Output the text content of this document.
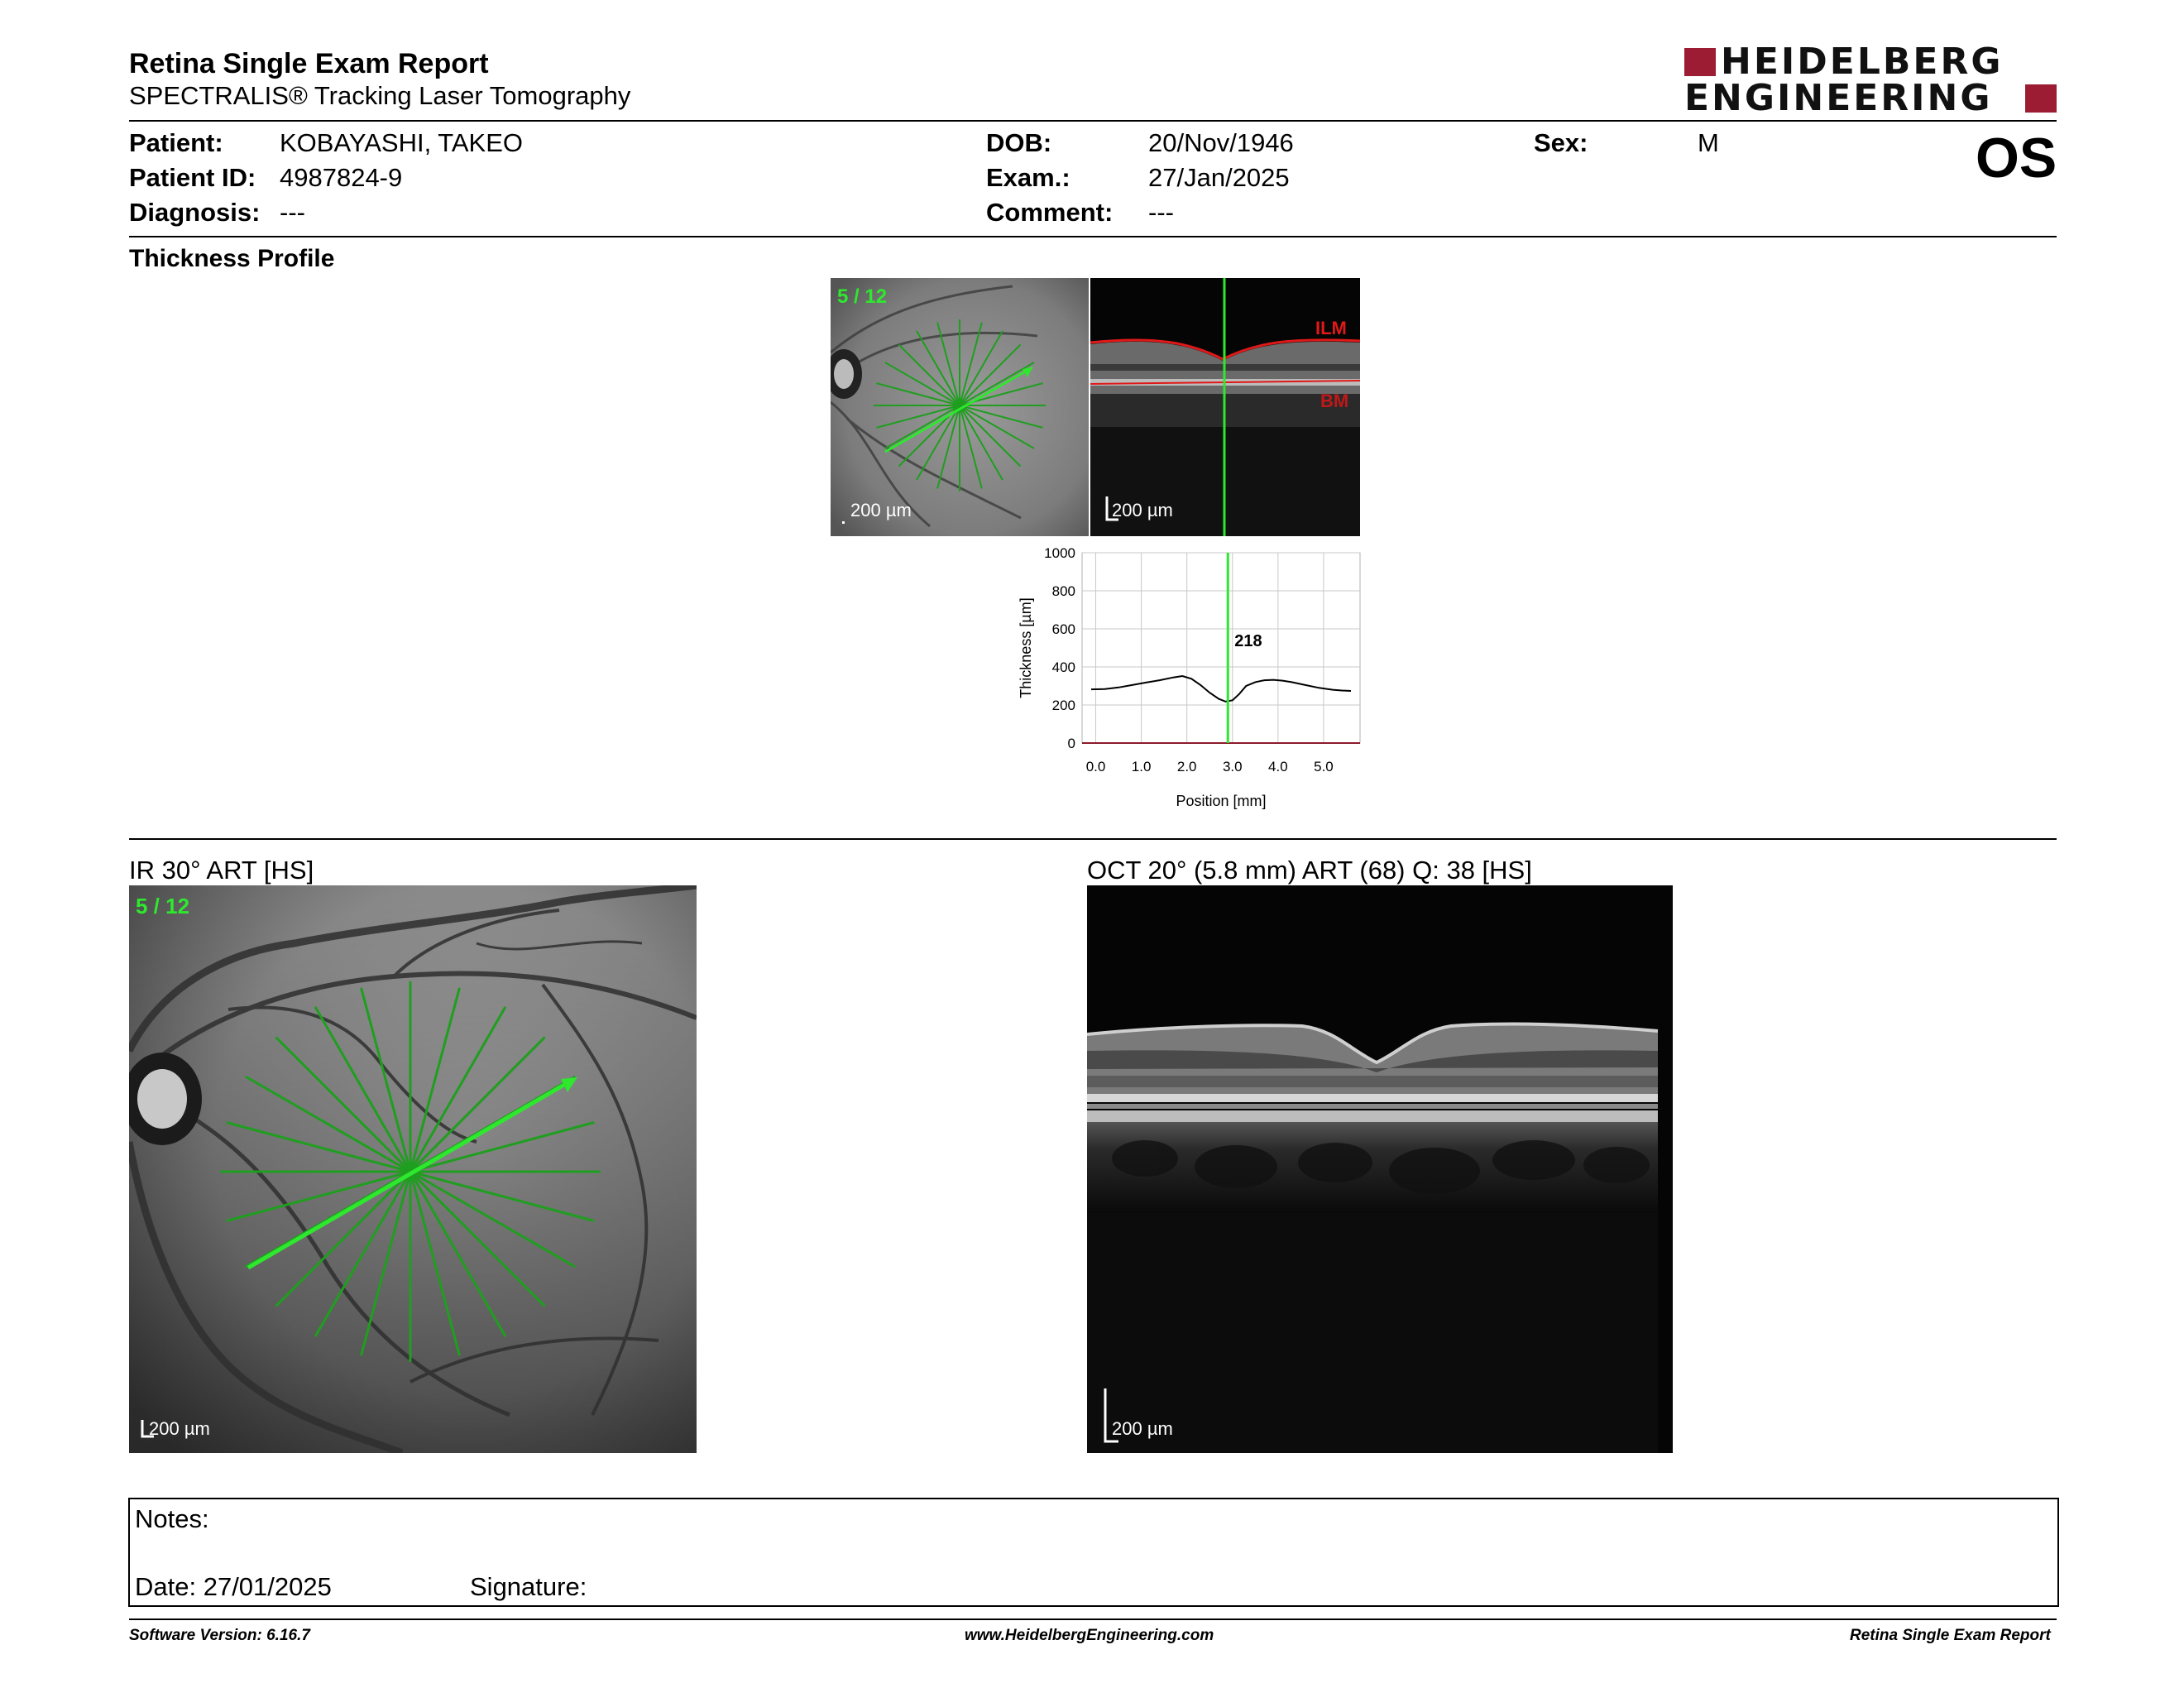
Retina Single Exam Report
SPECTRALIS® Tracking Laser Tomography
HEIDELBERG
ENGINEERING
Patient: KOBAYASHI, TAKEO
Patient ID: 4987824-9
Diagnosis: ---
DOB:	20/Nov/1946
Exam.:	27/Jan/2025
Comment: ---
Sex:	M	OS
Thickness Profile
5 / 12
200 µm
ILM
BM
200 µm
0
200
400
600
800
1000
0.0 1.0 2.0 3.0 4.0 5.0
218
Position [mm]
Thickness [µm]
IR 30° ART [HS]
5 / 12
200 µm
OCT 20° (5.8 mm) ART (68) Q: 38 [HS]
200 µm
Notes:
Date: 27/01/2025	Signature:
Software Version: 6.16.7	www.HeidelbergEngineering.com	Retina Single Exam Report
